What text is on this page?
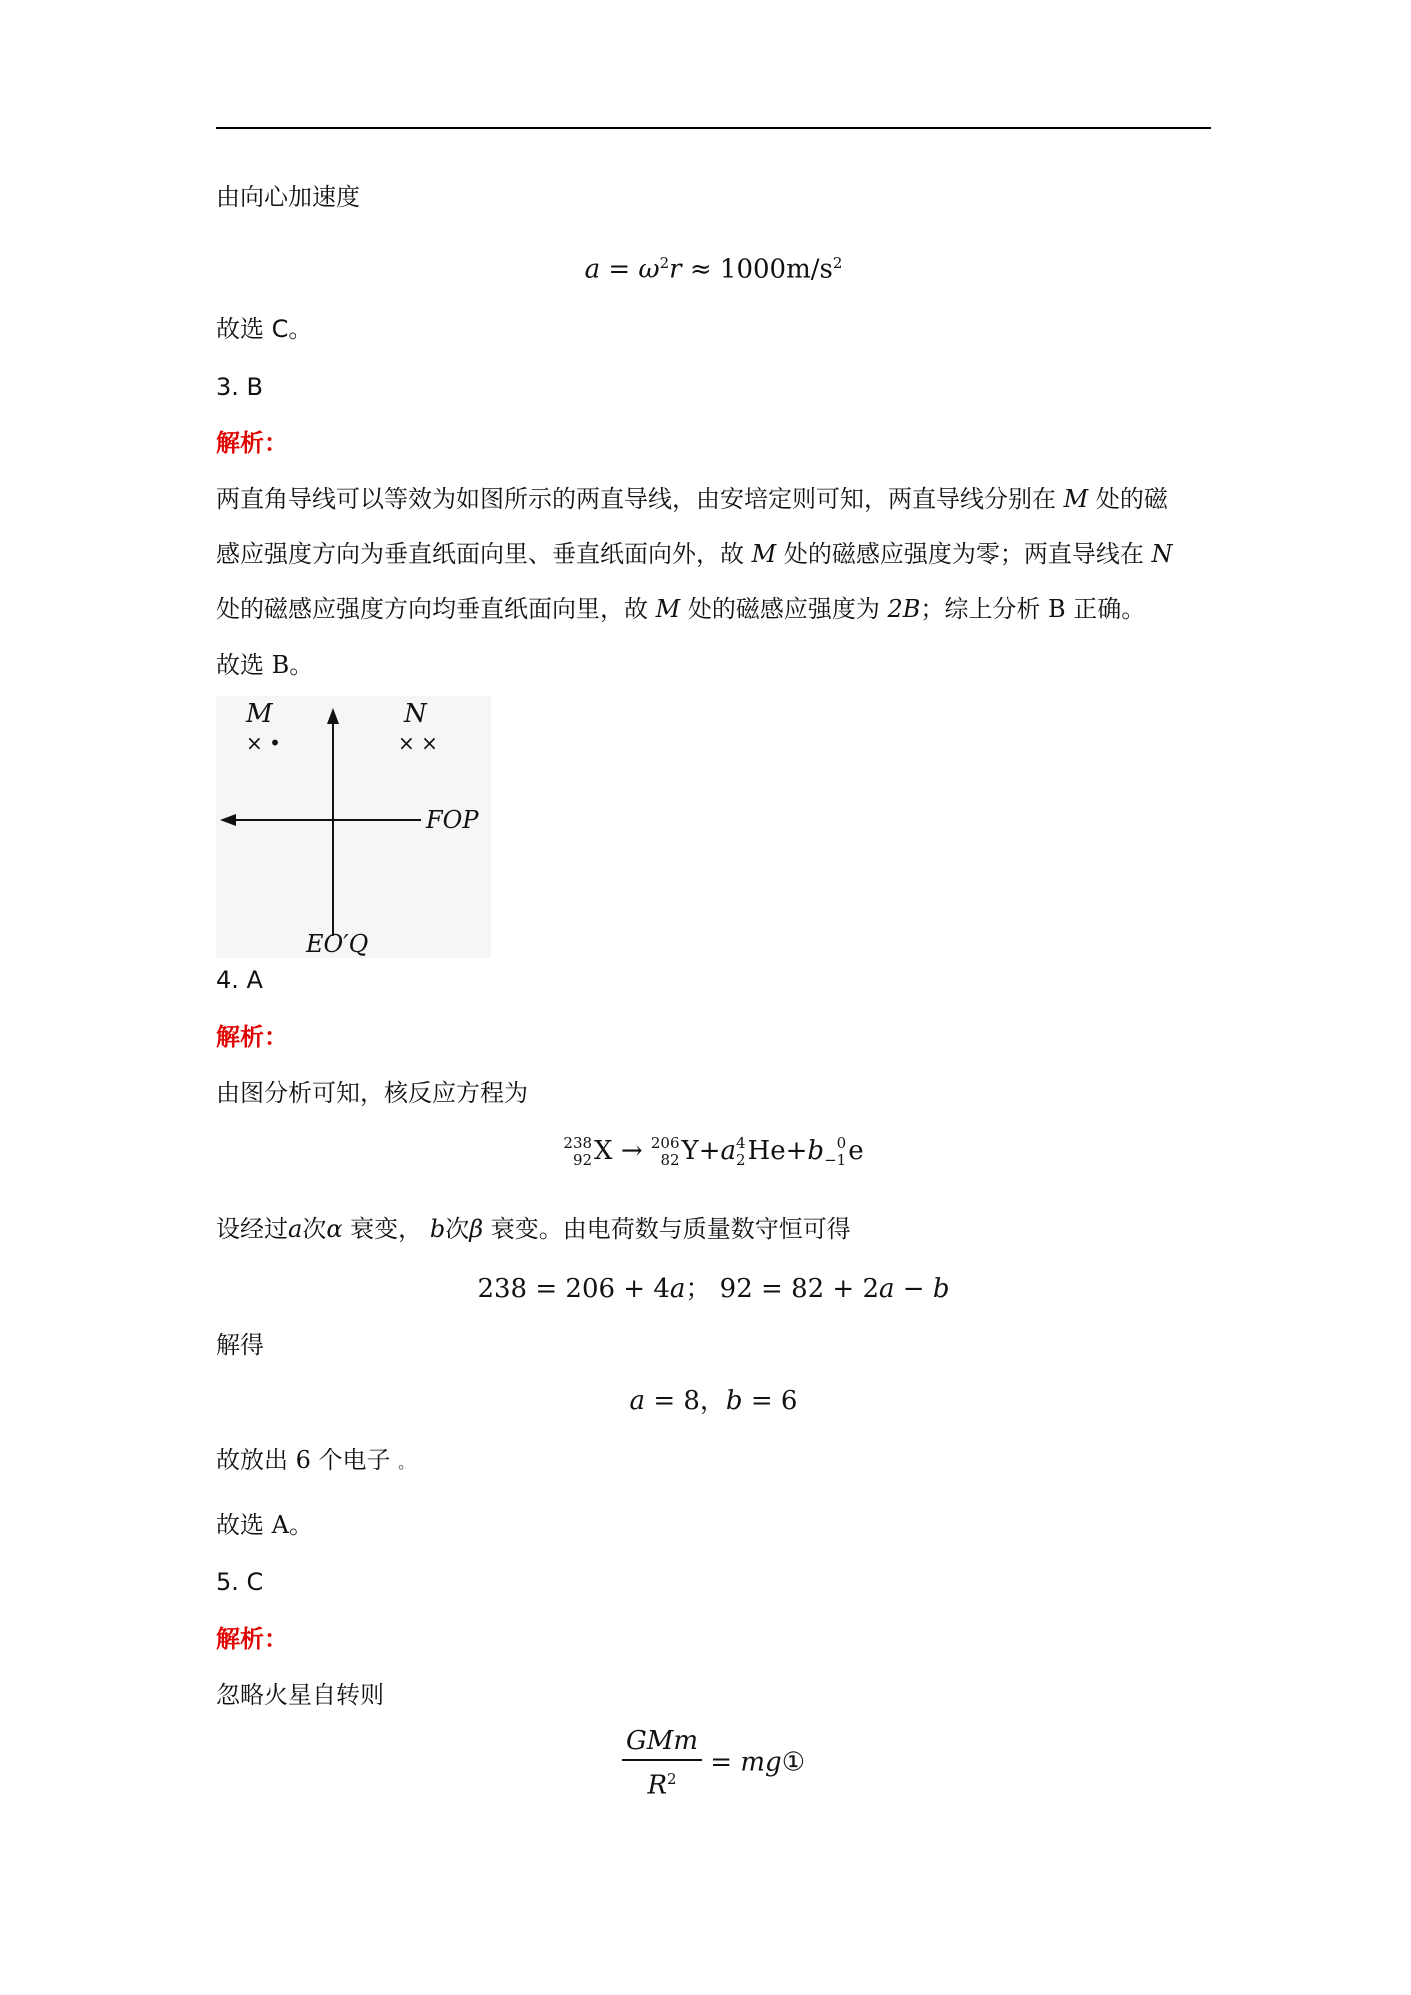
由向心加速度
$a = \omega^2r \approx 1000m/s^2$
故选 C。
3. B
解析：
两直角导线可以等效为如图所示的两直导线，由安培定则可知，两直导线分别在 M 处的磁
感应强度方向为垂直纸面向里、垂直纸面向外，故 M 处的磁感应强度为零；两直导线在 N
处的磁感应强度方向均垂直纸面向里，故 M 处的磁感应强度为 2B；综上分析 B 正确。
故选 B。
M
× •
N
× ×
FOP
EO′Q
4. A
解析：
由图分析可知，核反应方程为
238
92 X → 206
82 Y+a 4
2 He+b 0
−1 e
设经过a次α 衰变， b次β 衰变。由电荷数与质量数守恒可得
238 = 206 + 4a； 92 = 82 + 2a − b
解得
a = 8，b = 6
故放出 6 个电子 。
故选 A。
5. C
解析：
忽略火星自转则
$\frac{\text{GMm}}{R^2}$ = mg①
